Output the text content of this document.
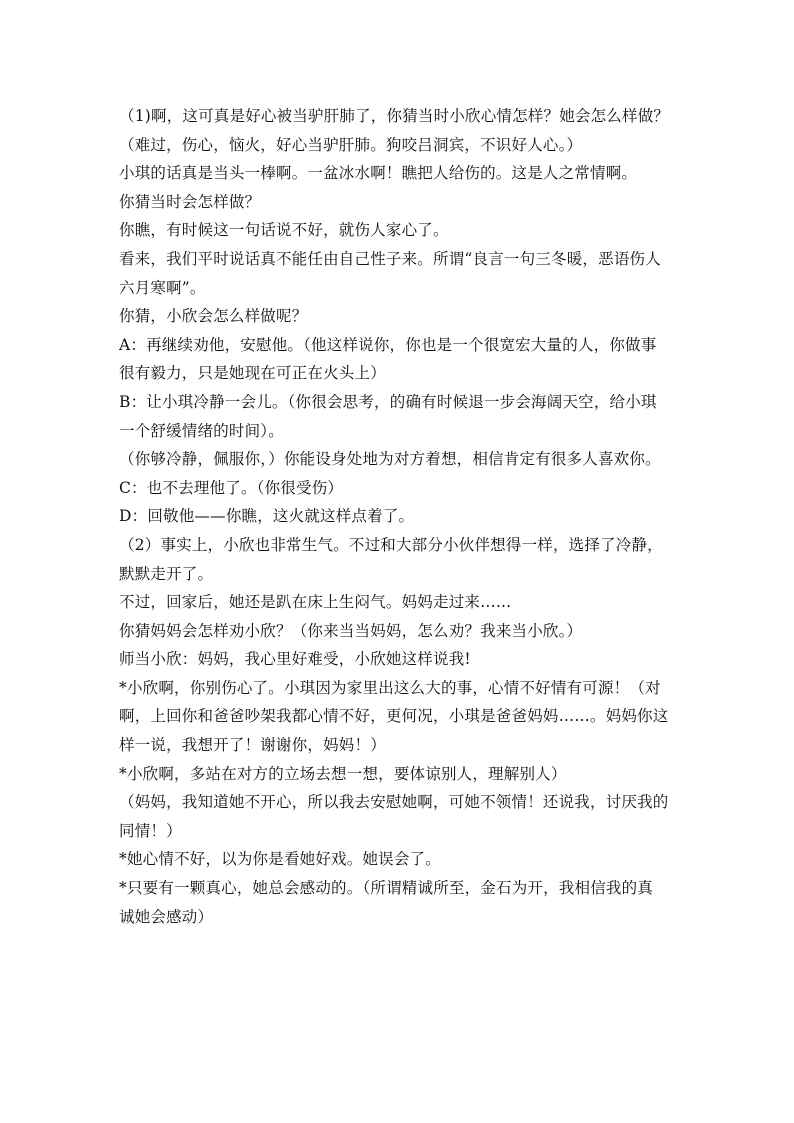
（1)啊，这可真是好心被当驴肝肺了，你猜当时小欣心情怎样？她会怎么样做？
（难过，伤心，恼火，好心当驴肝肺。狗咬吕洞宾，不识好人心。）
小琪的话真是当头一棒啊。一盆冰水啊！瞧把人给伤的。这是人之常情啊。
你猜当时会怎样做？
你瞧，有时候这一句话说不好，就伤人家心了。
看来，我们平时说话真不能任由自己性子来。所谓“良言一句三冬暖，恶语伤人
六月寒啊”。
你猜，小欣会怎么样做呢？
A：再继续劝他，安慰他。（他这样说你，你也是一个很宽宏大量的人，你做事
很有毅力，只是她现在可正在火头上）
B：让小琪冷静一会儿。（你很会思考，的确有时候退一步会海阔天空，给小琪
一个舒缓情绪的时间）。
（你够冷静，佩服你，）你能设身处地为对方着想，相信肯定有很多人喜欢你。
C：也不去理他了。（你很受伤）
D：回敬他——你瞧，这火就这样点着了。
（2）事实上，小欣也非常生气。不过和大部分小伙伴想得一样，选择了冷静，
默默走开了。
不过，回家后，她还是趴在床上生闷气。妈妈走过来……
你猜妈妈会怎样劝小欣？（你来当当妈妈，怎么劝？我来当小欣。）
师当小欣：妈妈，我心里好难受，小欣她这样说我!
*小欣啊，你别伤心了。小琪因为家里出这么大的事，心情不好情有可源！（对
啊，上回你和爸爸吵架我都心情不好，更何况，小琪是爸爸妈妈……。妈妈你这
样一说，我想开了！谢谢你，妈妈！）
*小欣啊，多站在对方的立场去想一想，要体谅别人，理解别人）
（妈妈，我知道她不开心，所以我去安慰她啊，可她不领情！还说我，讨厌我的
同情！）
*她心情不好，以为你是看她好戏。她误会了。
*只要有一颗真心，她总会感动的。（所谓精诚所至，金石为开，我相信我的真
诚她会感动）
